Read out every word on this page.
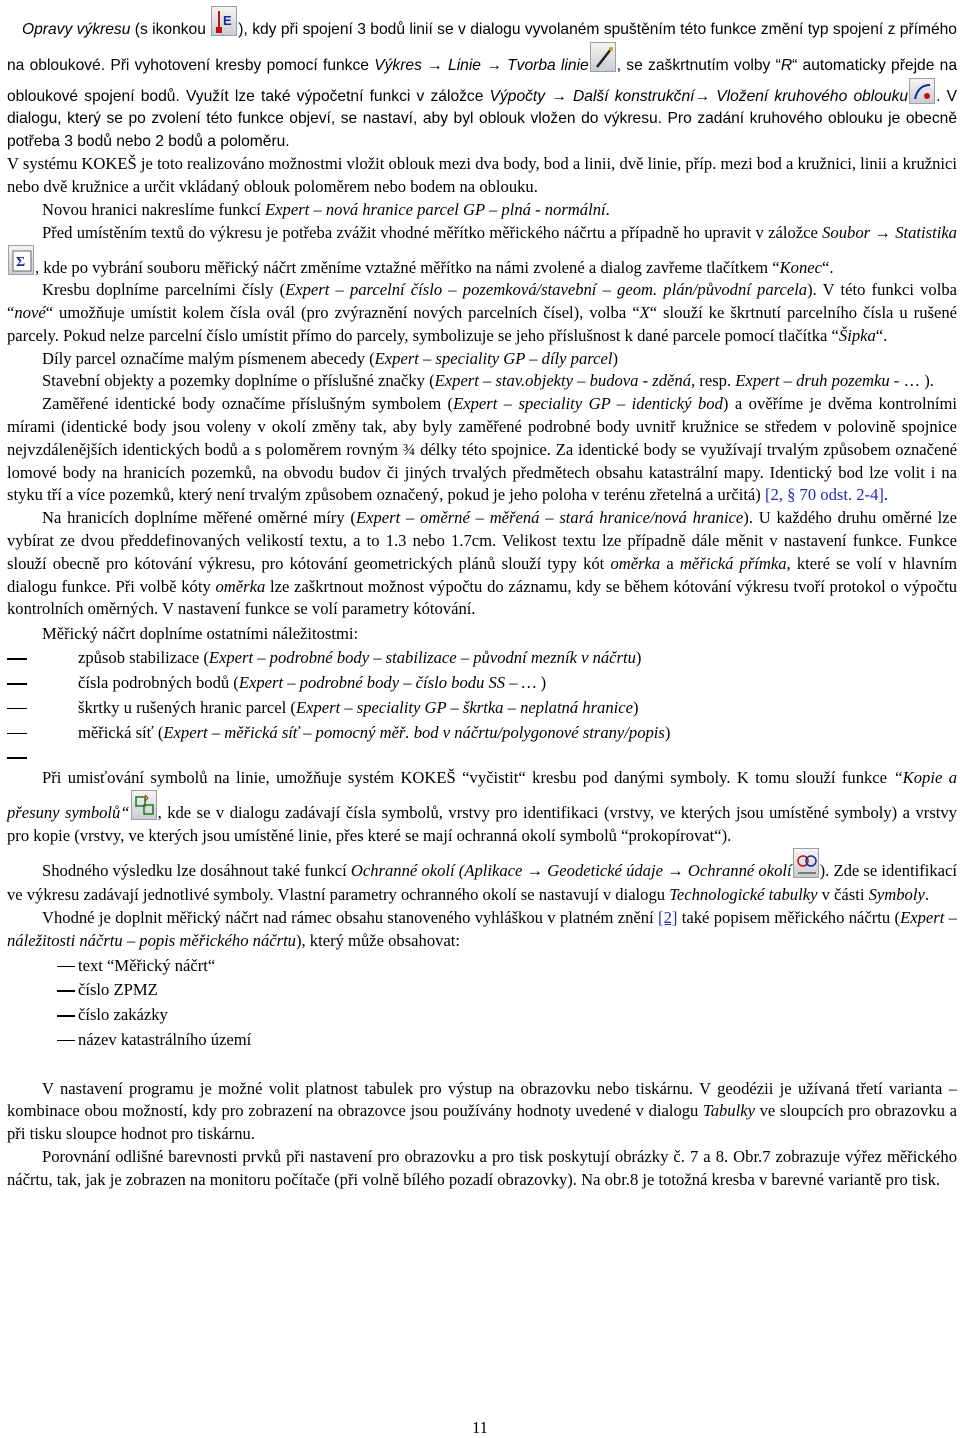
Opravy výkresu (s ikonkou
E
), kdy při spojení 3 bodů linií se v dialogu vyvolaném spuštěním této funkce změní typ spojení z přímého na obloukové. Při vyhotovení kresby pomocí funkce Výkres → Linie → Tvorba linie , se zaškrtnutím volby “R“ automaticky přejde na obloukové spojení bodů. Využít lze také výpočetní funkci v záložce Výpočty → Další konstrukční→ Vložení kruhového oblouku . V dialogu, který se po zvolení této funkce objeví, se nastaví, aby byl oblouk vložen do výkresu. Pro zadání kruhového oblouku je obecně potřeba 3 bodů nebo 2 bodů a poloměru.

V systému KOKEŠ je toto realizováno možnostmi vložit oblouk mezi dva body, bod a linii, dvě linie, příp. mezi bod a kružnici, linii a kružnici nebo dvě kružnice a určit vkládaný oblouk poloměrem nebo bodem na oblouku.

Novou hranici nakreslíme funkcí Expert – nová hranice parcel GP – plná - normální.

Před umístěním textů do výkresu je potřeba zvážit vhodné měřítko měřického náčrtu a případně ho upravit v záložce Soubor → Statistika
Σ , kde po vybrání souboru měřický náčrt změníme vztažné měřítko na námi zvolené a dialog zavřeme tlačítkem “Konec“.

Kresbu doplníme parcelními čísly (Expert – parcelní číslo – pozemková/stavební – geom. plán/původní parcela). V této funkci volba “nové“ umožňuje umístit kolem čísla ovál (pro zvýraznění nových parcelních čísel), volba “X“ slouží ke škrtnutí parcelního čísla u rušené parcely. Pokud nelze parcelní číslo umístit přímo do parcely, symbolizuje se jeho příslušnost k dané parcele pomocí tlačítka “Šipka“.

Díly parcel označíme malým písmenem abecedy (Expert – speciality GP – díly parcel)

Stavební objekty a pozemky doplníme o příslušné značky (Expert – stav.objekty – budova - zděná, resp. Expert – druh pozemku - … ).

Zaměřené identické body označíme příslušným symbolem (Expert – speciality GP – identický bod) a ověříme je dvěma kontrolními mírami (identické body jsou voleny v okolí změny tak, aby byly zaměřené podrobné body uvnitř kružnice se středem v polovině spojnice nejvzdálenějších identických bodů a s poloměrem rovným ¾ délky této spojnice. Za identické body se využívají trvalým způsobem označené lomové body na hranicích pozemků, na obvodu budov či jiných trvalých předmětech obsahu katastrální mapy. Identický bod lze volit i na styku tří a více pozemků, který není trvalým způsobem označený, pokud je jeho poloha v terénu zřetelná a určitá) [2, § 70 odst. 2-4].

Na hranicích doplníme měřené oměrné míry (Expert – oměrné – měřená – stará hranice/nová hranice). U každého druhu oměrné lze vybírat ze dvou předdefinovaných velikostí textu, a to 1.3 nebo 1.7cm. Velikost textu lze případně dále měnit v nastavení funkce. Funkce slouží obecně pro kótování výkresu, pro kótování geometrických plánů slouží typy kót oměrka a měřická přímka, které se volí v hlavním dialogu funkce. Při volbě kóty oměrka lze zaškrtnout možnost výpočtu do záznamu, kdy se během kótování výkresu tvoří protokol o výpočtu kontrolních oměrných. V nastavení funkce se volí parametry kótování.

Měřický náčrt doplníme ostatními náležitostmi:

způsob stabilizace (Expert – podrobné body – stabilizace – původní mezník v náčrtu)
čísla podrobných bodů (Expert – podrobné body – číslo bodu SS – … )
škrtky u rušených hranic parcel (Expert – speciality GP – škrtka – neplatná hranice)
měřická síť (Expert – měřická síť – pomocný měř. bod v náčrtu/polygonové strany/popis)

Při umisťování symbolů na linie, umožňuje systém KOKEŠ “vyčistit“ kresbu pod danými symboly. K tomu slouží funkce “Kopie a přesuny symbolů“ , kde se v dialogu zadávají čísla symbolů, vrstvy pro identifikaci (vrstvy, ve kterých jsou umístěné symboly) a vrstvy pro kopie (vrstvy, ve kterých jsou umístěné linie, přes které se mají ochranná okolí symbolů “prokopírovat“).

Shodného výsledku lze dosáhnout také funkcí Ochranné okolí (Aplikace → Geodetické údaje → Ochranné okolí ). Zde se identifikací ve výkresu zadávají jednotlivé symboly. Vlastní parametry ochranného okolí se nastavují v dialogu Technologické tabulky v části Symboly.

Vhodné je doplnit měřický náčrt nad rámec obsahu stanoveného vyhláškou v platném znění [2] také popisem měřického náčrtu (Expert – náležitosti náčrtu – popis měřického náčrtu), který může obsahovat:

text “Měřický náčrt“
číslo ZPMZ
číslo zakázky
název katastrálního území

V nastavení programu je možné volit platnost tabulek pro výstup na obrazovku nebo tiskárnu. V geodézii je užívaná třetí varianta – kombinace obou možností, kdy pro zobrazení na obrazovce jsou používány hodnoty uvedené v dialogu Tabulky ve sloupcích pro obrazovku a při tisku sloupce hodnot pro tiskárnu.

Porovnání odlišné barevnosti prvků při nastavení pro obrazovku a pro tisk poskytují obrázky č. 7 a 8. Obr.7 zobrazuje výřez měřického náčrtu, tak, jak je zobrazen na monitoru počítače (při volně bílého pozadí obrazovky). Na obr.8 je totožná kresba v barevné variantě pro tisk.

11
